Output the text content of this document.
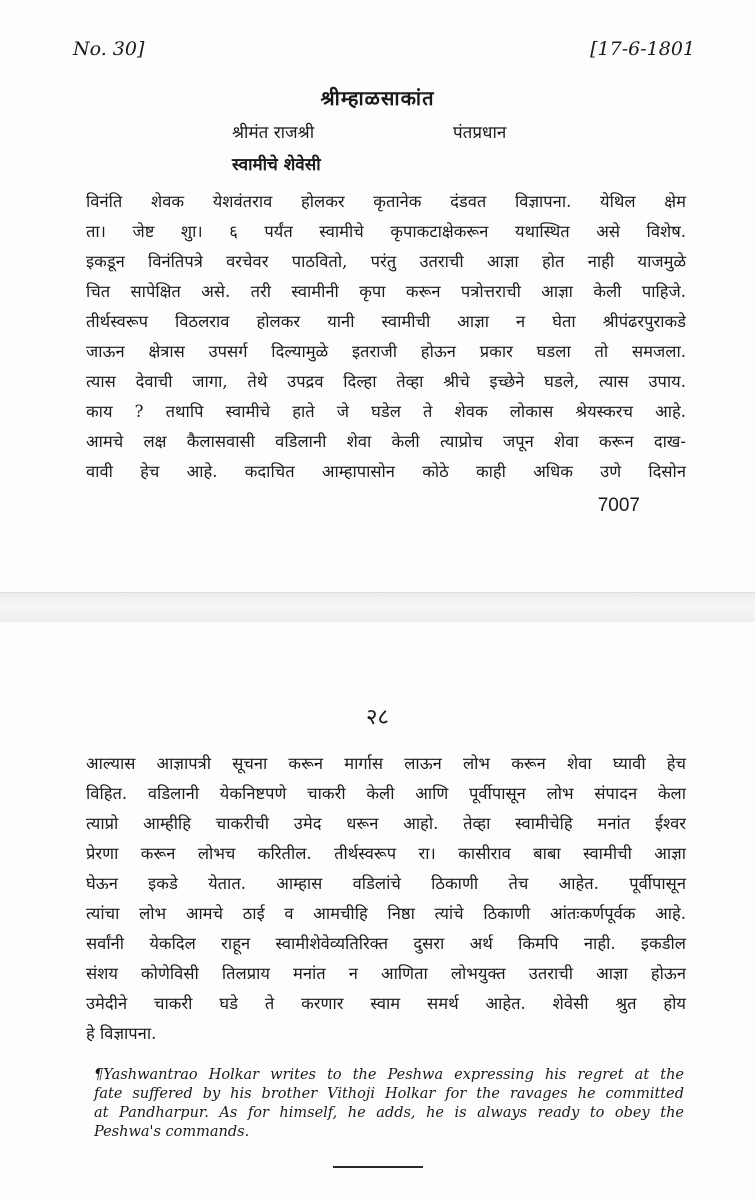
No. 30]	[17-6-1801
श्रीम्हाळसाकांत
श्रीमंत राजश्री	पंतप्रधान
स्वामीचे शेवेसी
विनंति शेवक येशवंतराव होलकर कृतानेक दंडवत विज्ञापना. येथिल क्षेम
ता। जेष्ट शुा। ६ पर्यंत स्वामीचे कृपाकटाक्षेकरून यथास्थित असे विशेष.
इकडून विनंतिपत्रे वरचेवर पाठवितो, परंतु उतराची आज्ञा होत नाही याजमुळे
चित सापेक्षित असे. तरी स्वामीनी कृपा करून पत्रोत्तराची आज्ञा केली पाहिजे.
तीर्थस्वरूप विठलराव होलकर यानी स्वामीची आज्ञा न घेता श्रीपंढरपुराकडे
जाऊन क्षेत्रास उपसर्ग दिल्यामुळे इतराजी होऊन प्रकार घडला तो समजला.
त्यास देवाची जागा, तेथे उपद्रव दिल्हा तेव्हा श्रीचे इच्छेने घडले, त्यास उपाय.
काय ? तथापि स्वामीचे हाते जे घडेल ते शेवक लोकास श्रेयस्करच आहे.
आमचे लक्ष कैलासवासी वडिलानी शेवा केली त्याप्रोच जपून शेवा करून दाख-
वावी हेच आहे. कदाचित आम्हापासोन कोठे काही अधिक उणे दिसोन
7007
२८
आल्यास आज्ञापत्री सूचना करून मार्गास लाऊन लोभ करून शेवा घ्यावी हेच
विहित. वडिलानी येकनिष्टपणे चाकरी केली आणि पूर्वीपासून लोभ संपादन केला
त्याप्रो आम्हीहि चाकरीची उमेद धरून आहो. तेव्हा स्वामीचेहि मनांत ईश्वर
प्रेरणा करून लोभच करितील. तीर्थस्वरूप रा। कासीराव बाबा स्वामीची आज्ञा
घेऊन इकडे येतात. आम्हास वडिलांचे ठिकाणी तेच आहेत. पूर्वीपासून
त्यांचा लोभ आमचे ठाई व आमचीहि निष्ठा त्यांचे ठिकाणी आंतःकर्णपूर्वक आहे.
सर्वांनी येकदिल राहून स्वामीशेवेव्यतिरिक्त दुसरा अर्थ किमपि नाही. इकडील
संशय कोणेविसी तिलप्राय मनांत न आणिता लोभयुक्त उतराची आज्ञा होऊन
उमेदीने चाकरी घडे ते करणार स्वाम समर्थ आहेत. शेवेसी श्रुत होय
हे विज्ञापना.
¶Yashwantrao Holkar writes to the Peshwa expressing his regret at the
fate suffered by his brother Vithoji Holkar for the ravages he committed
at Pandharpur. As for himself, he adds, he is always ready to obey the
Peshwa's commands.
